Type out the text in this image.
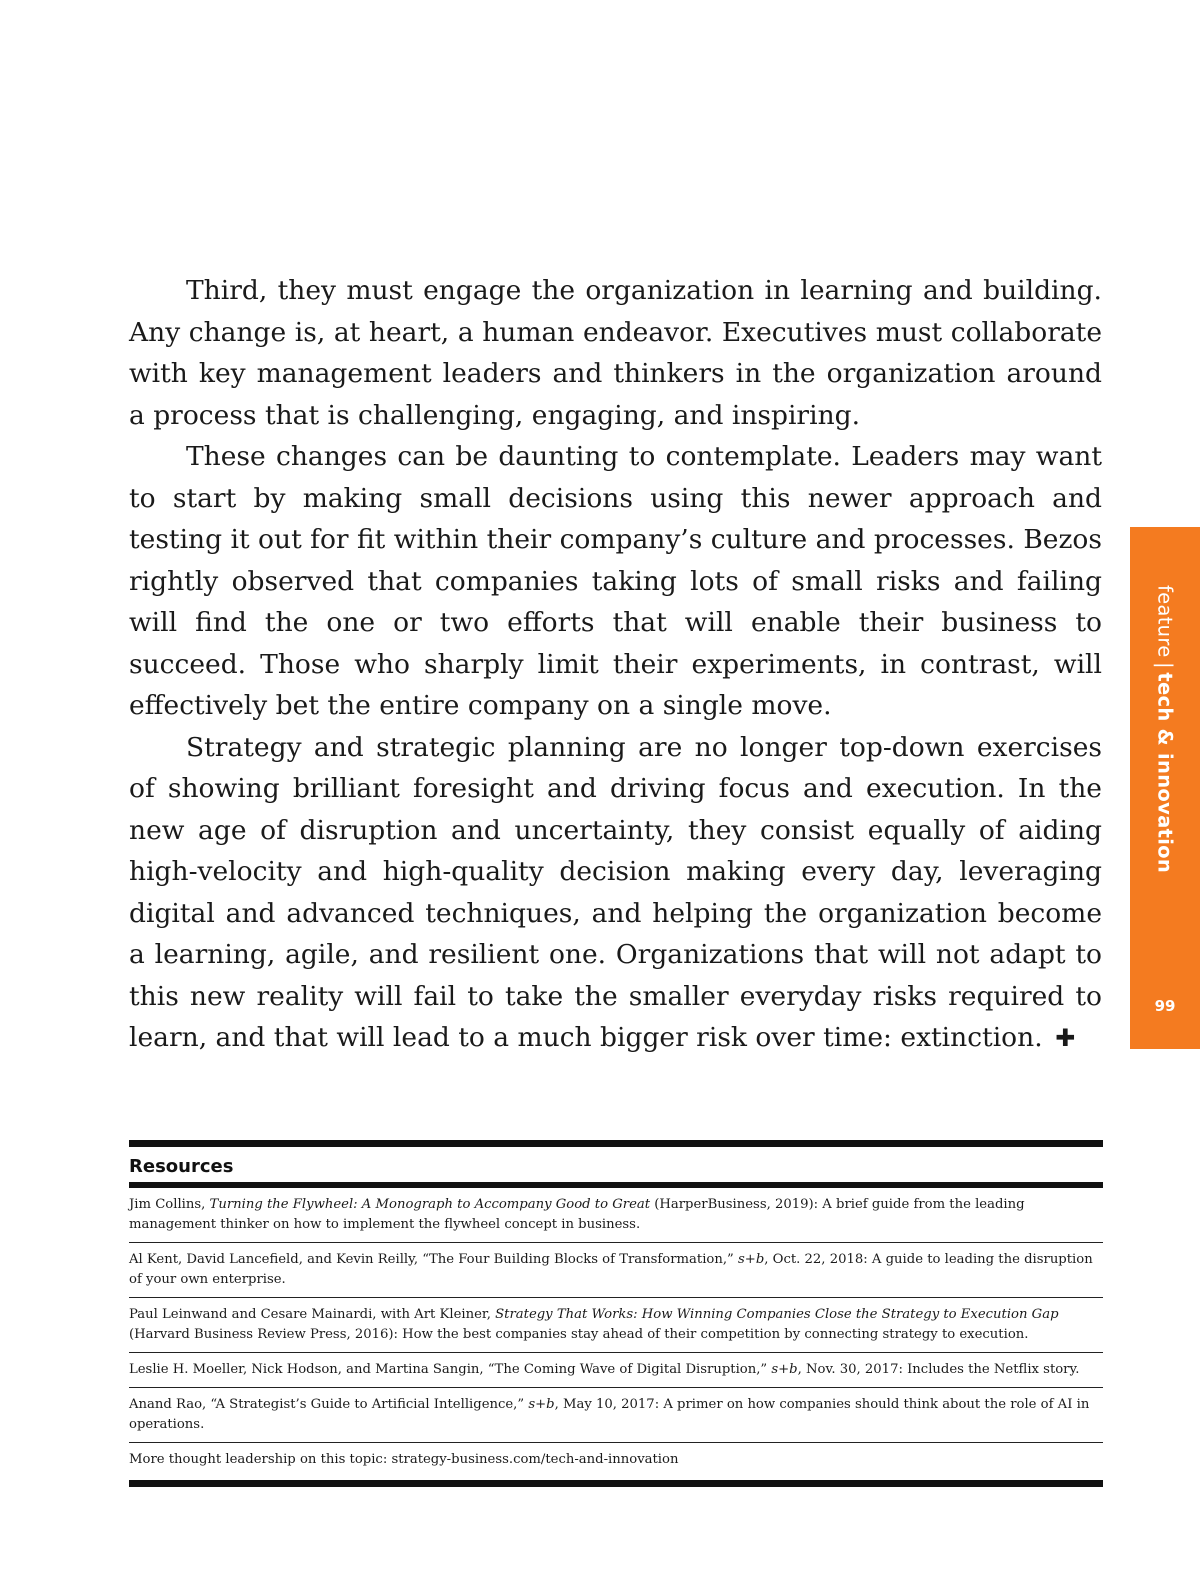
Third, they must engage the organization in learning and building. Any change is, at heart, a human endeavor. Executives must collaborate with key management leaders and thinkers in the organization around a process that is challenging, engaging, and inspiring.

These changes can be daunting to contemplate. Leaders may want to start by making small decisions using this newer approach and testing it out for fit within their company’s culture and processes. Bezos rightly observed that companies taking lots of small risks and failing will find the one or two efforts that will enable their business to succeed. Those who sharply limit their experiments, in contrast, will effectively bet the entire company on a single move.

Strategy and strategic planning are no longer top-down exercises of showing brilliant foresight and driving focus and execution. In the new age of disruption and uncertainty, they consist equally of aiding high-velocity and high-​quality decision making every day, leveraging digital and advanced techniques, and helping the organization become a learning, agile, and resilient one. Organizations that will not adapt to this new reality will fail to take the smaller everyday risks required to learn, and that will lead to a much bigger risk over time: extinction. ✚

feature|tech & innovation
99
Resources
Jim Collins, Turning the Flywheel: A Monograph to Accompany Good to Great (HarperBusiness, 2019): A brief guide from the leading management thinker on how to implement the flywheel concept in business.
Al Kent, David Lancefield, and Kevin Reilly, “The Four Building Blocks of Transformation,” s+b, Oct. 22, 2018: A guide to leading the disruption of your own enterprise.
Paul Leinwand and Cesare Mainardi, with Art Kleiner, Strategy That Works: How Winning Companies Close the Strategy to Execution Gap (Harvard Business Review Press, 2016): How the best companies stay ahead of their competition by connecting strategy to execution.
Leslie H. Moeller, Nick Hodson, and Martina Sangin, “The Coming Wave of Digital Disruption,” s+b, Nov. 30, 2017: Includes the Netflix story.
Anand Rao, “A Strategist’s Guide to Artificial Intelligence,” s+b, May 10, 2017: A primer on how companies should think about the role of AI in operations.
More thought leadership on this topic: strategy-business.com/tech-and-innovation
